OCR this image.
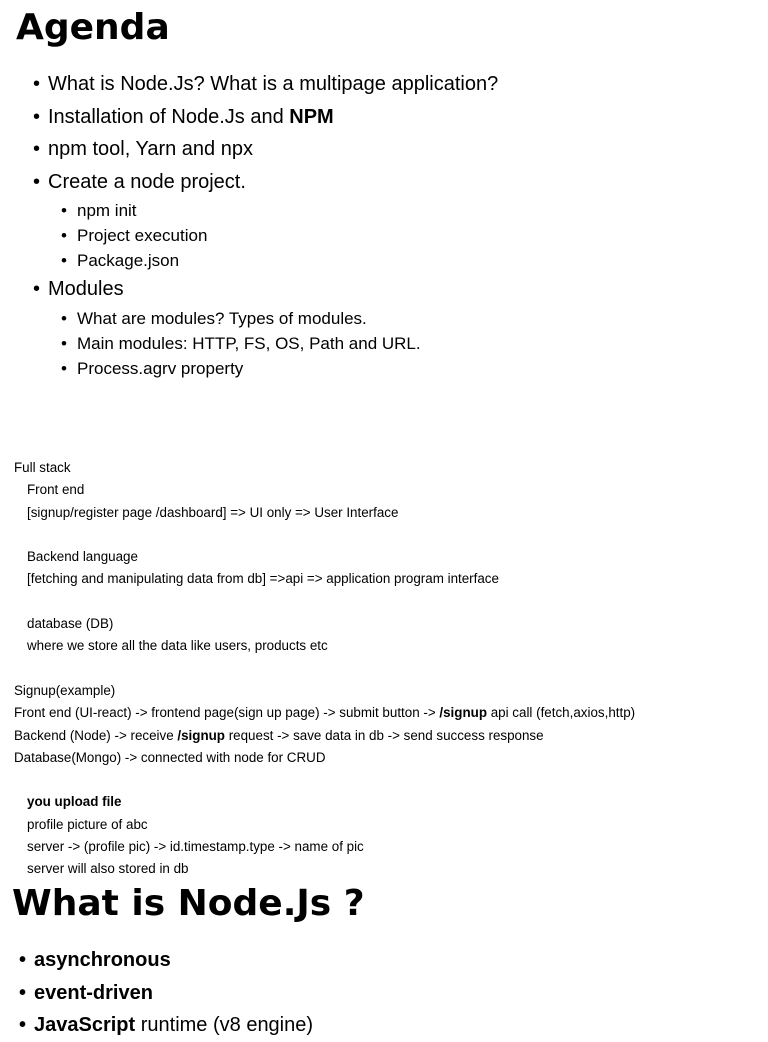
Agenda
• What is Node.Js? What is a multipage application?
• Installation of Node.Js and NPM
• npm tool, Yarn and npx
• Create a node project.
• npm init
• Project execution
• Package.json
• Modules
• What are modules? Types of modules.
• Main modules: HTTP, FS, OS, Path and URL.
• Process.agrv property
Full stack
Front end
[signup/register page /dashboard] => UI only => User Interface
Backend language
[fetching and manipulating data from db] =>api => application program interface
database (DB)
where we store all the data like users, products etc
Signup(example)
Front end (UI-react) -> frontend page(sign up page) -> submit button -> /signup api call (fetch,axios,http)
Backend (Node) -> receive /signup request -> save data in db -> send success response
Database(Mongo) -> connected with node for CRUD
you upload file
profile picture of abc
server -> (profile pic) -> id.timestamp.type -> name of pic
server will also stored in db
What is Node.Js ?
• asynchronous
• event-driven
• JavaScript runtime (v8 engine)
